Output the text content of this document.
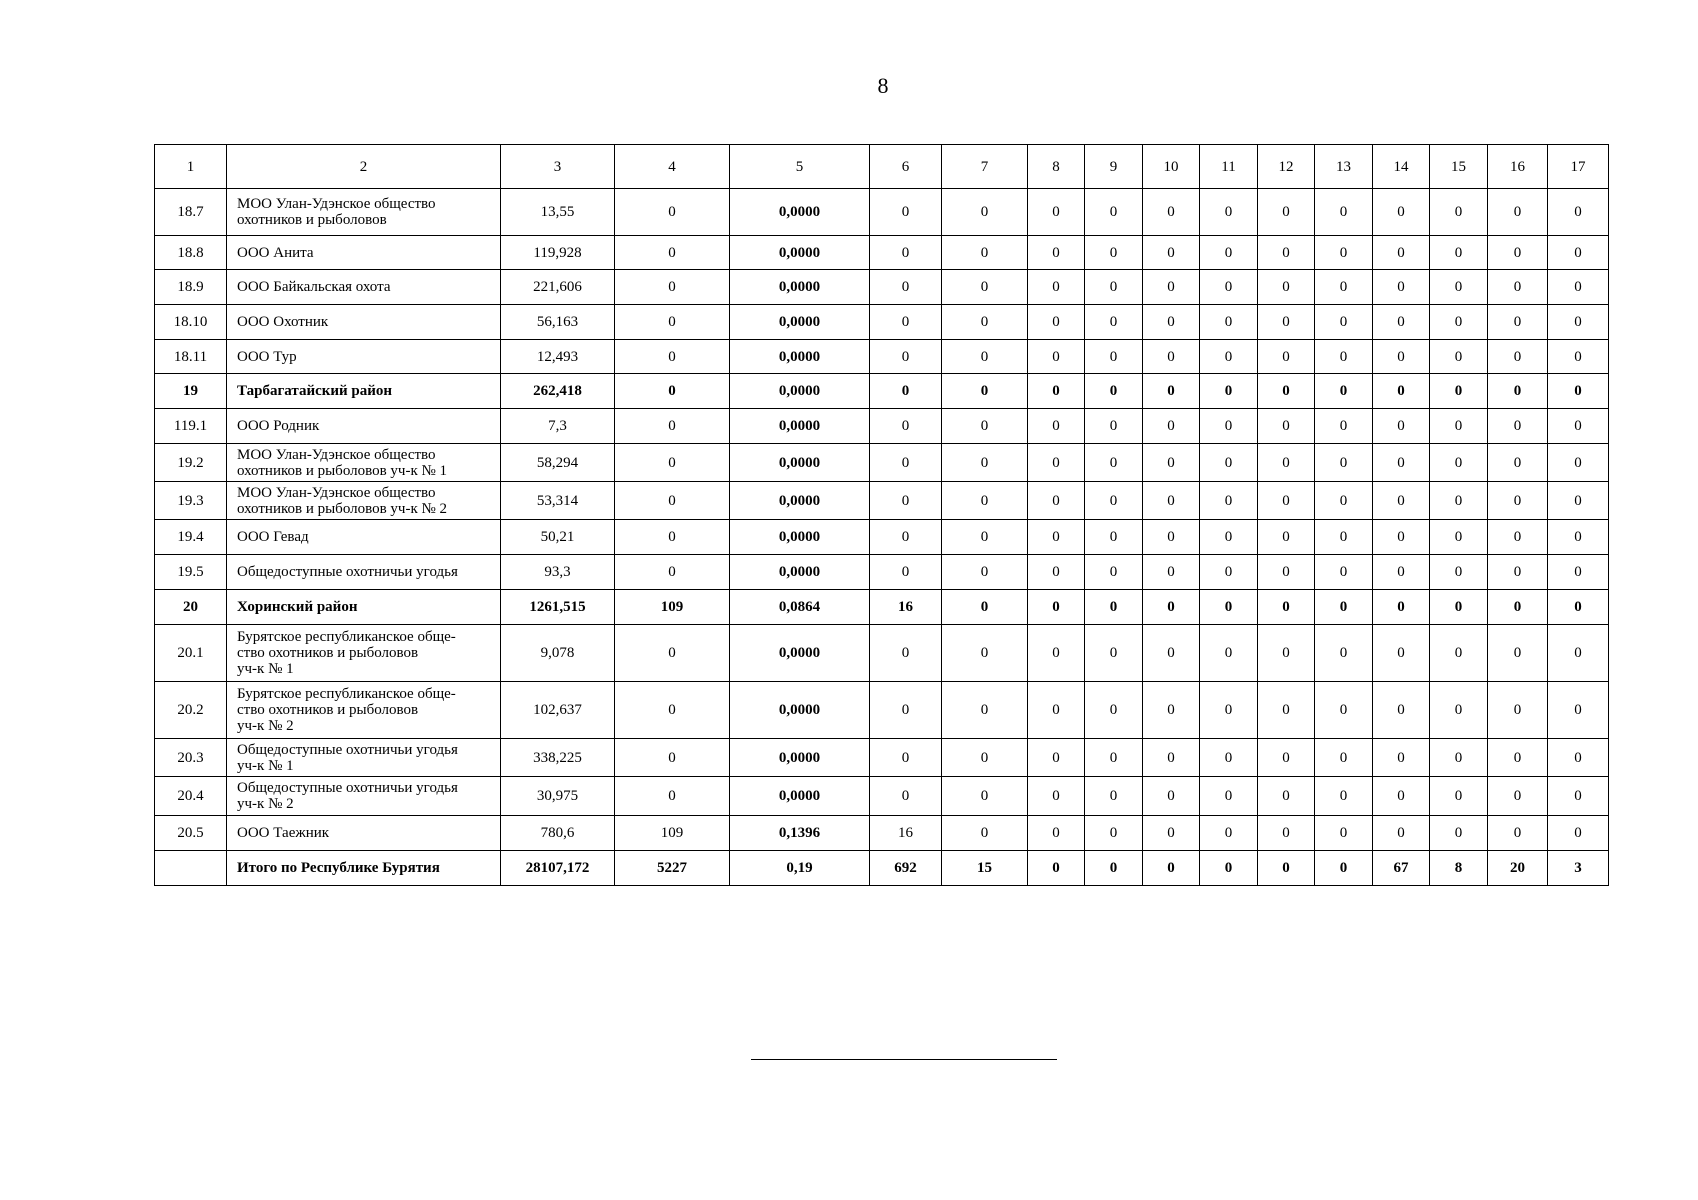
8
1	2	3	4	5	6	7	8	9	10	11	12	13	14	15	16	17
18.7	МОО Улан-Удэнское общество охотников и рыболовов	13,55	0	0,0000	0	0	0	0	0	0	0	0	0	0	0	0
18.8	ООО Анита	119,928	0	0,0000	0	0	0	0	0	0	0	0	0	0	0	0
18.9	ООО Байкальская охота	221,606	0	0,0000	0	0	0	0	0	0	0	0	0	0	0	0
18.10	ООО Охотник	56,163	0	0,0000	0	0	0	0	0	0	0	0	0	0	0	0
18.11	ООО Тур	12,493	0	0,0000	0	0	0	0	0	0	0	0	0	0	0	0
19	Тарбагатайский район	262,418	0	0,0000	0	0	0	0	0	0	0	0	0	0	0	0
119.1	ООО Родник	7,3	0	0,0000	0	0	0	0	0	0	0	0	0	0	0	0
19.2	МОО Улан-Удэнское общество охотников и рыболовов уч-к № 1	58,294	0	0,0000	0	0	0	0	0	0	0	0	0	0	0	0
19.3	МОО Улан-Удэнское общество охотников и рыболовов уч-к № 2	53,314	0	0,0000	0	0	0	0	0	0	0	0	0	0	0	0
19.4	ООО Гевад	50,21	0	0,0000	0	0	0	0	0	0	0	0	0	0	0	0
19.5	Общедоступные охотничьи угодья	93,3	0	0,0000	0	0	0	0	0	0	0	0	0	0	0	0
20	Хоринский район	1261,515	109	0,0864	16	0	0	0	0	0	0	0	0	0	0	0
20.1	Бурятское республиканское обще-
ство охотников и рыболовов
уч-к № 1	9,078	0	0,0000	0	0	0	0	0	0	0	0	0	0	0	0
20.2	Бурятское республиканское обще-
ство охотников и рыболовов
уч-к № 2	102,637	0	0,0000	0	0	0	0	0	0	0	0	0	0	0	0
20.3	Общедоступные охотничьи угодья
уч-к № 1	338,225	0	0,0000	0	0	0	0	0	0	0	0	0	0	0	0
20.4	Общедоступные охотничьи угодья
уч-к № 2	30,975	0	0,0000	0	0	0	0	0	0	0	0	0	0	0	0
20.5	ООО Таежник	780,6	109	0,1396	16	0	0	0	0	0	0	0	0	0	0	0
	Итого по Республике Бурятия	28107,172	5227	0,19	692	15	0	0	0	0	0	0	67	8	20	3
